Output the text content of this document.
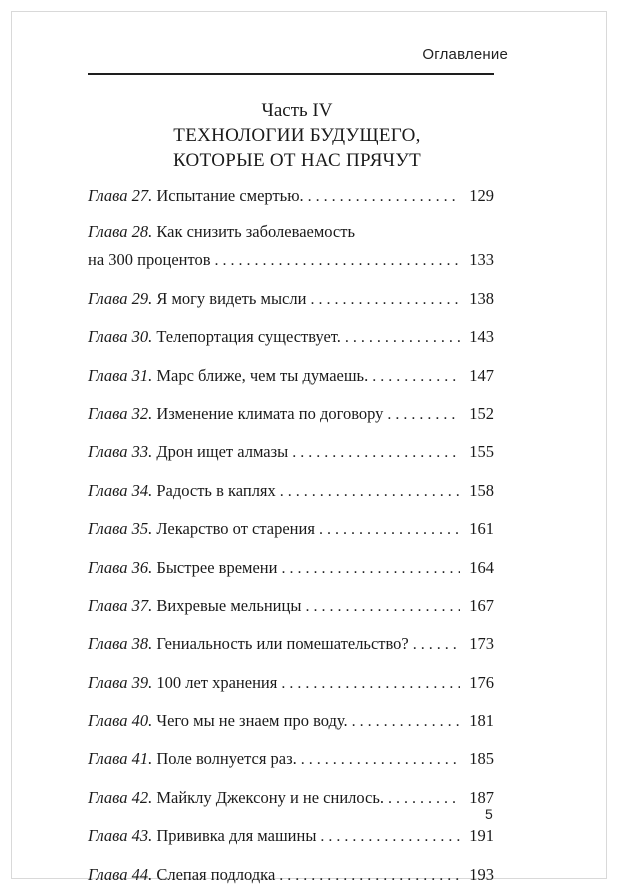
Оглавление
Часть IV
ТЕХНОЛОГИИ БУДУЩЕГО,
КОТОРЫЕ ОТ НАС ПРЯЧУТ
Глава 27.
Испытание смертью. . . .	129
Глава 28. Как снизить заболеваемость
на 300 процентов . . .	133
Глава 29.
Я могу видеть мысли . . .	138
Глава 30.
Телепортация существует. . . .	143
Глава 31.
Марс ближе, чем ты думаешь. . . .	147
Глава 32.
Изменение климата по договору . . .	152
Глава 33.
Дрон ищет алмазы . . .	155
Глава 34.
Радость в каплях . . .	158
Глава 35.
Лекарство от старения . . .	161
Глава 36.
Быстрее времени . . .	164
Глава 37.
Вихревые мельницы . . .	167
Глава 38.
Гениальность или помешательство? . . .	173
Глава 39.
100 лет хранения . . .	176
Глава 40.
Чего мы не знаем про воду. . . .	181
Глава 41.
Поле волнуется раз. . . .	185
Глава 42.
Майклу Джексону и не снилось. . . .	187
Глава 43.
Прививка для машины . . .	191
Глава 44.
Слепая подлодка . . .	193
5
